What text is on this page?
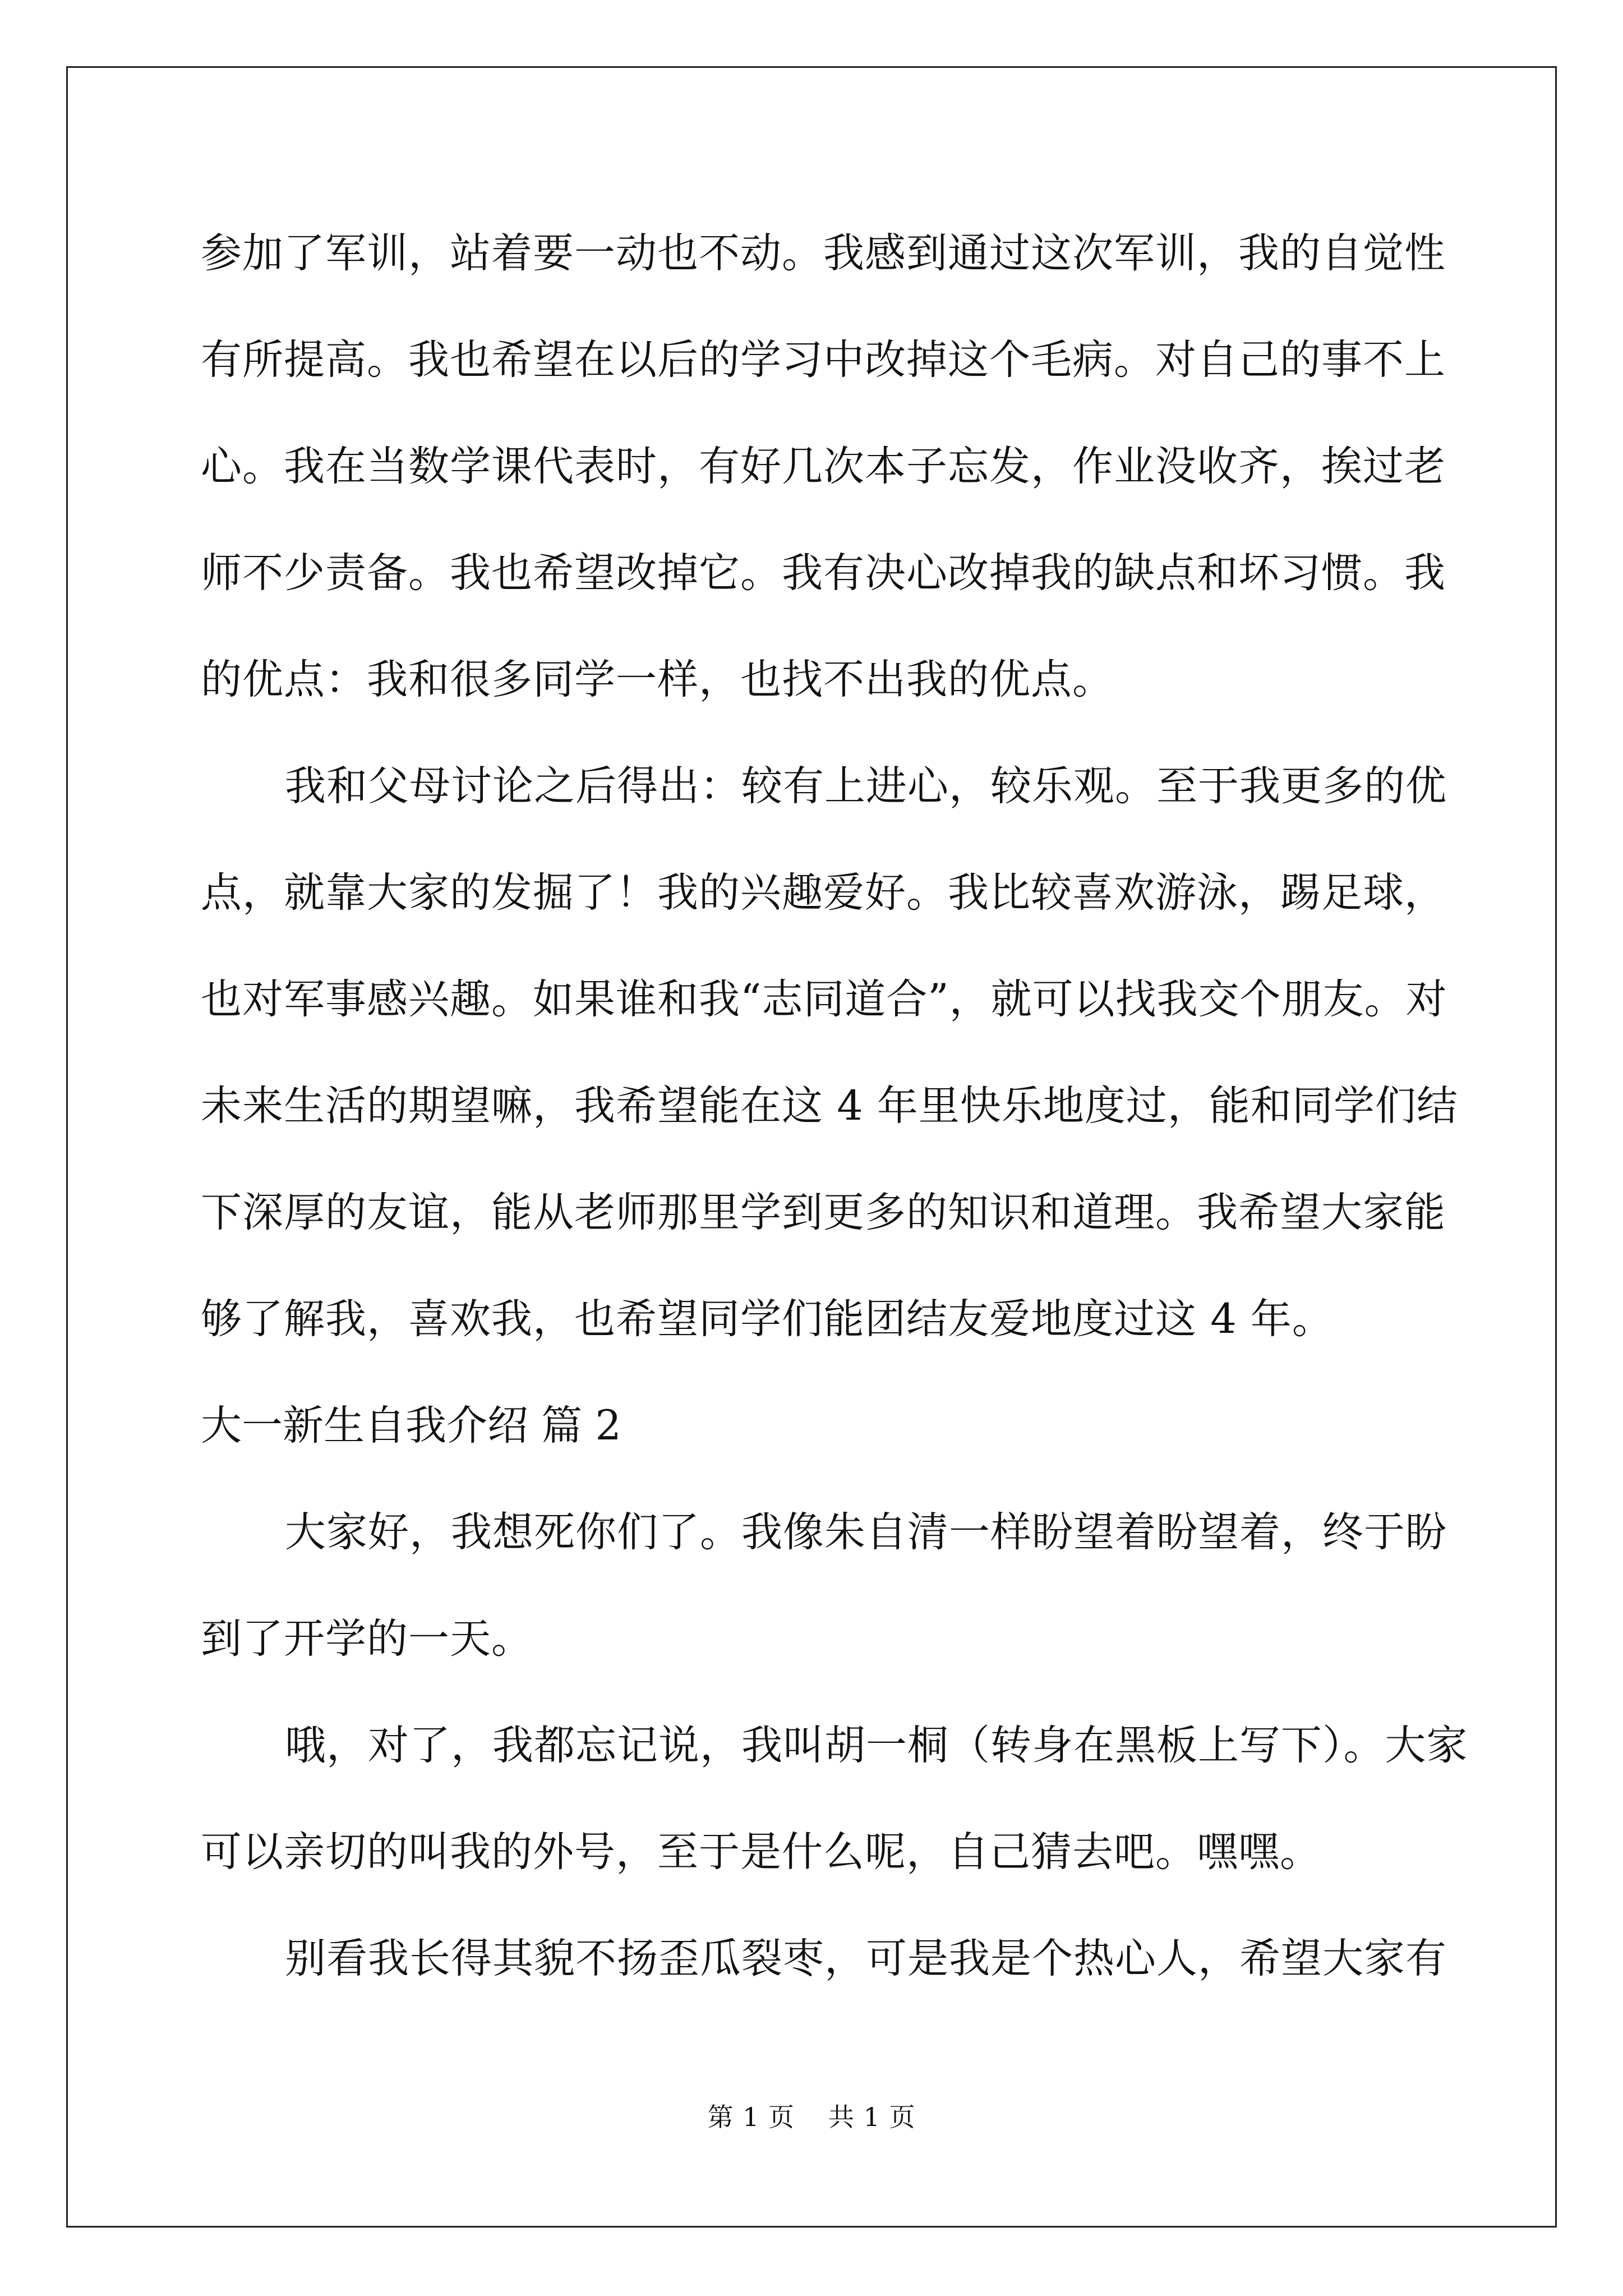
参加了军训，站着要一动也不动。我感到通过这次军训，我的自觉性
有所提高。我也希望在以后的学习中改掉这个毛病。对自己的事不上
心。我在当数学课代表时，有好几次本子忘发，作业没收齐，挨过老
师不少责备。我也希望改掉它。我有决心改掉我的缺点和坏习惯。我
的优点：我和很多同学一样，也找不出我的优点。
我和父母讨论之后得出：较有上进心，较乐观。至于我更多的优
点，就靠大家的发掘了！我的兴趣爱好。我比较喜欢游泳，踢足球，
也对军事感兴趣。如果谁和我“志同道合”，就可以找我交个朋友。对
未来生活的期望嘛，我希望能在这 4 年里快乐地度过，能和同学们结
下深厚的友谊，能从老师那里学到更多的知识和道理。我希望大家能
够了解我，喜欢我，也希望同学们能团结友爱地度过这 4 年。
大一新生自我介绍 篇 2
大家好，我想死你们了。我像朱自清一样盼望着盼望着，终于盼
到了开学的一天。
哦，对了，我都忘记说，我叫胡一桐（转身在黑板上写下）。大家
可以亲切的叫我的外号，至于是什么呢，自己猜去吧。嘿嘿。
别看我长得其貌不扬歪瓜裂枣，可是我是个热心人，希望大家有
第 1 页 共 1 页
